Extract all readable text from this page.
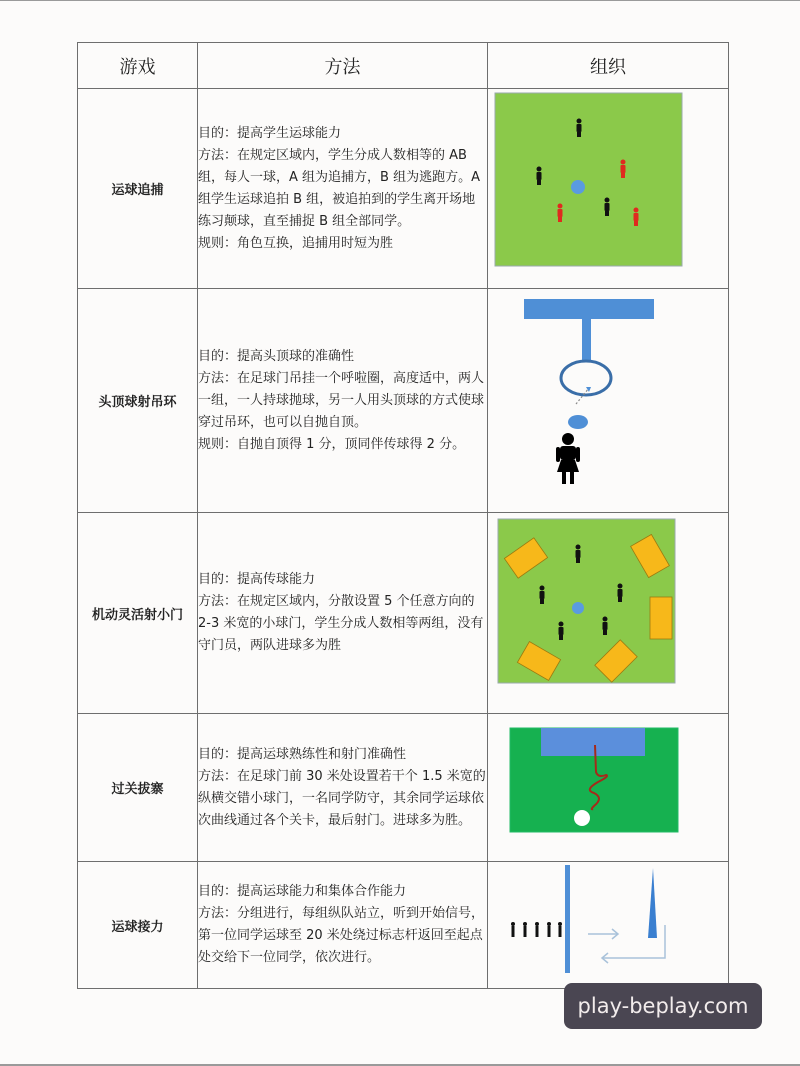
游戏	方法	组织
运球追捕	目的：提高学生运球能力

方法：在规定区域内，学生分成人数相等的 AB 组，每人一球，A 组为追捕方，B 组为逃跑方。A 组学生运球追拍 B 组，被追拍到的学生离开场地练习颠球，直至捕捉 B 组全部同学。

规则：角色互换，追捕用时短为胜

头顶球射吊环	目的：提高头顶球的准确性

方法：在足球门吊挂一个呼啦圈，高度适中，两人一组，一人持球抛球，另一人用头顶球的方式使球穿过吊环，也可以自抛自顶。

规则：自抛自顶得 1 分，顶同伴传球得 2 分。

机动灵活射小门	目的：提高传球能力

方法：在规定区域内，分散设置 5 个任意方向的 2-3 米宽的小球门，学生分成人数相等两组，没有守门员，两队进球多为胜

过关拔寨	目的：提高运球熟练性和射门准确性

方法：在足球门前 30 米处设置若干个 1.5 米宽的纵横交错小球门，一名同学防守，其余同学运球依次曲线通过各个关卡，最后射门。进球多为胜。

运球接力	目的：提高运球能力和集体合作能力

方法：分组进行，每组纵队站立，听到开始信号，第一位同学运球至 20 米处绕过标志杆返回至起点处交给下一位同学，依次进行。

play-beplay.com
